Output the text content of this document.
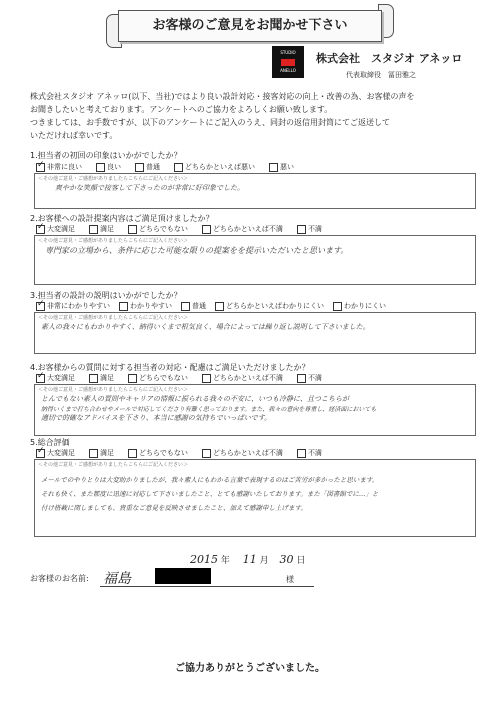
お客様のご意見をお聞かせ下さい
STUDIO
ANELLO
株式会社　スタジオ アネッロ
代表取締役　冨田雅之

株式会社スタジオ アネッロ(以下、当社)ではより良い設計対応・接客対応の向上・改善の為、お客様の声を

お聞きしたいと考えております。アンケートへのご協力をよろしくお願い致します。

つきましては、お手数ですが、以下のアンケートにご記入のうえ、同封の返信用封筒にてご返送して

いただければ幸いです。

1.担当者の初回の印象はいかがでしたか？
✓非常に良い	良い	普通	どちらかといえば悪い	悪い
＜その他ご意見・ご感想がありましたらこちらにご記入ください＞
爽やかな笑顔で接客して下さったのが非常に好印象でした。
2.お客様への設計提案内容はご満足頂けましたか？
✓大変満足	満足	どちらでもない	どちらかといえば不満	不満
＜その他ご意見・ご感想がありましたらこちらにご記入ください＞
専門家の立場から、条件に応じた可能な限りの提案をを提示いただいたと思います。
3.担当者の設計の説明はいかがでしたか？
✓非常にわかりやすい	わかりやすい	普通	どちらかといえばわかりにくい	わかりにくい
＜その他ご意見・ご感想がありましたらこちらにご記入ください＞
素人の我々にもわかりやすく、納得いくまで根気良く、場合によっては繰り返し説明して下さいました。
4.お客様からの質問に対する担当者の対応・配慮はご満足いただけましたか？
✓大変満足	満足	どちらでもない	どちらかといえば不満	不満
＜その他ご意見・ご感想がありましたらこちらにご記入ください＞
とんでもない素人の質問やキャリアの情報に振られる我々の不安に、いつも冷静に、且つこちらが
納得いくまで打ち合わせやメールで対応してくださり有難く思っております。また、我々の意向を尊重し、経済面においても
適切で的確なアドバイスを下さり、本当に感謝の気持ちでいっぱいです。
5.総合評価
✓大変満足	満足	どちらでもない	どちらかといえば不満	不満
＜その他ご意見・ご感想がありましたらこちらにご記入ください＞
メールでのやりとりは大変助かりましたが、我々素人にもわかる言葉で表現するのはご苦労が多かったと思います。
それも快く、また都度に迅速に対応して下さいましたこと、とても感謝いたしております。また「図書館でに…」と
付け搭載に関しましても、貴重なご意見を反映させましたこと、加えて感謝申し上げます。
2015 年 11 月 30 日
お客様のお名前: 福島	様
ご協力ありがとうございました。
